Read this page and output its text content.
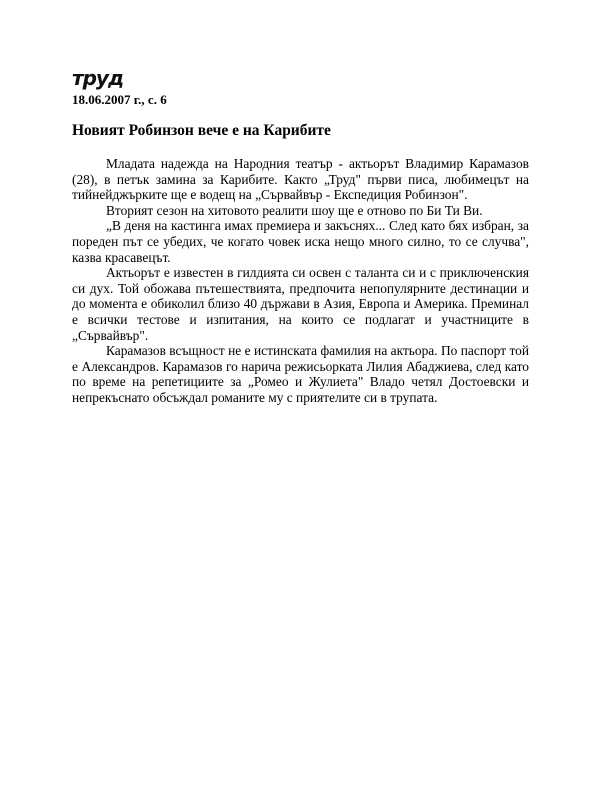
труд
18.06.2007 г., с. 6
Новият Робинзон вече е на Карибите

Младата надежда на Народния театър - актьорът Владимир Карамазов (28), в петък замина за Карибите. Както „Труд" първи писа, любимецът на тийнейджърките ще е водещ на „Сървайвър - Експедиция Робинзон".

Вторият сезон на хитовото реалити шоу ще е отново по Би Ти Ви.

„В деня на кастинга имах премиера и закъснях... След като бях избран, за пореден път се убедих, че когато човек иска нещо много силно, то се случва", казва красавецът.

Актьорът е известен в гилдията си освен с таланта си и с приключенския си дух. Той обожава пътешествията, предпочита непопулярните дестинации и до момента е обиколил близо 40 държави в Азия, Европа и Америка. Преминал е всички тестове и изпитания, на които се подлагат и участниците в „Сървайвър".

Карамазов всъщност не е истинската фамилия на актьора. По паспорт той е Александров. Карамазов го нарича режисьорката Лилия Абаджиева, след като по време на репетициите за „Ромео и Жулиета" Владо четял Достоевски и непрекъснато обсъждал романите му с приятелите си в трупата.
